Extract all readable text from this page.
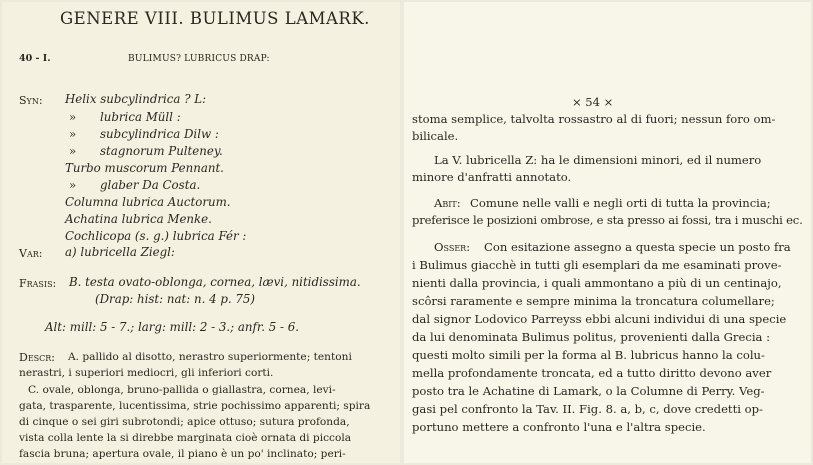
GENERE VIII. BULIMUS LAMARK.
40 - I.	BULIMUS? LUBRICUS DRAP:
Syn: Helix subcylindrica ? L:
» lubrica Müll :
» subcylindrica Dilw :
» stagnorum Pulteney.
Turbo muscorum Pennant.
» glaber Da Costa.
Columna lubrica Auctorum.
Achatina lubrica Menke.
Cochlicopa (s. g.) lubrica Fér :
Var: a) lubricella Ziegl:
Frasis: B. testa ovato-oblonga, cornea, lævi, nitidissima.
(Drap: hist: nat: n. 4 p. 75)
Alt: mill: 5 - 7.; larg: mill: 2 - 3.; anfr. 5 - 6.
Descr: A. pallido al disotto, nerastro superiormente; tentoni
nerastri, i superiori mediocri, gli inferiori corti.
C. ovale, oblonga, bruno-pallida o giallastra, cornea, levi-
gata, trasparente, lucentissima, strie pochissimo apparenti; spira
di cinque o sei giri subrotondi; apice ottuso; sutura profonda,
vista colla lente la si direbbe marginata cioè ornata di piccola
fascia bruna; apertura ovale, il piano è un po' inclinato; peri-
× 54 ×
stoma semplice, talvolta rossastro al di fuori; nessun foro om-
bilicale.
La V. lubricella Z: ha le dimensioni minori, ed il numero
minore d'anfratti annotato.
Abit: Comune nelle valli e negli orti di tutta la provincia;
preferisce le posizioni ombrose, e sta presso ai fossi, tra i muschi ec.
Osser: Con esitazione assegno a questa specie un posto fra
i Bulimus giacchè in tutti gli esemplari da me esaminati prove-
nienti dalla provincia, i quali ammontano a più di un centinajo,
scôrsi raramente e sempre minima la troncatura columellare;
dal signor Lodovico Parreyss ebbi alcuni individui di una specie
da lui denominata Bulimus politus, provenienti dalla Grecia :
questi molto simili per la forma al B. lubricus hanno la colu-
mella profondamente troncata, ed a tutto diritto devono aver
posto tra le Achatine di Lamark, o la Columne di Perry. Veg-
gasi pel confronto la Tav. II. Fig. 8. a, b, c, dove credetti op-
portuno mettere a confronto l'una e l'altra specie.
